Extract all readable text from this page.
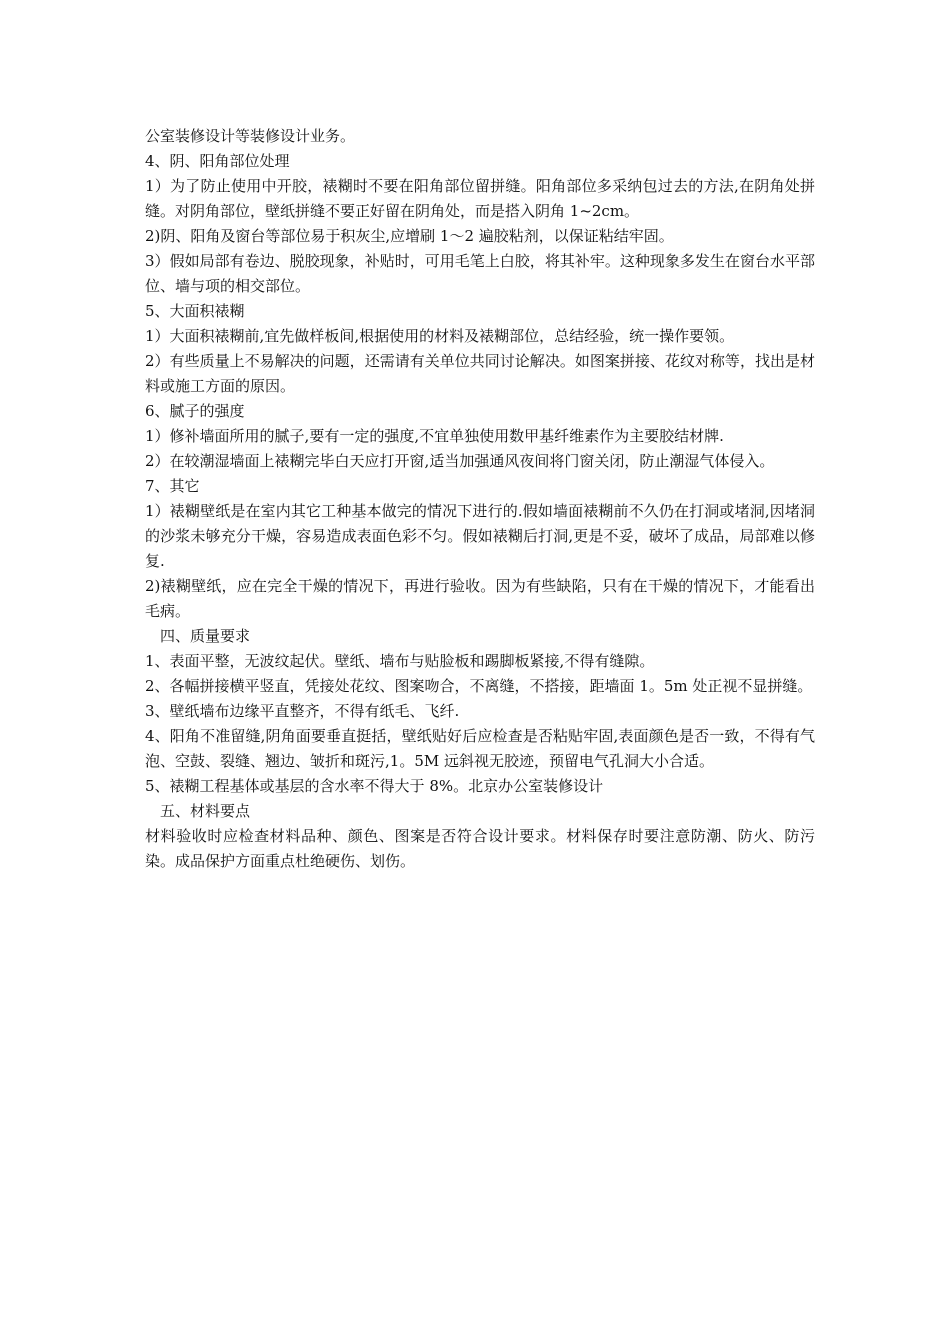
公室装修设计等装修设计业务。

4、阴、阳角部位处理

1）为了防止使用中开胶，裱糊时不要在阳角部位留拼缝。阳角部位多采纳包过去的方法,在阴角处拼缝。对阴角部位，壁纸拼缝不要正好留在阴角处，而是搭入阴角 1~2cm。

2)阴、阳角及窗台等部位易于积灰尘,应增刷 1～2 遍胶粘剂，以保证粘结牢固。

3）假如局部有卷边、脱胶现象，补贴时，可用毛笔上白胶，将其补牢。这种现象多发生在窗台水平部位、墙与项的相交部位。

5、大面积裱糊

1）大面积裱糊前,宜先做样板间,根据使用的材料及裱糊部位，总结经验，统一操作要领。

2）有些质量上不易解决的问题，还需请有关单位共同讨论解决。如图案拼接、花纹对称等，找出是材料或施工方面的原因。

6、腻子的强度

1）修补墙面所用的腻子,要有一定的强度,不宜单独使用数甲基纤维素作为主要胶结材牌.

2）在较潮湿墙面上裱糊完毕白天应打开窗,适当加强通风夜间将门窗关闭，防止潮湿气体侵入。

7、其它

1）裱糊壁纸是在室内其它工种基本做完的情况下进行的.假如墙面裱糊前不久仍在打洞或堵洞,因堵洞的沙浆未够充分干燥，容易造成表面色彩不匀。假如裱糊后打洞,更是不妥，破坏了成品，局部难以修复.

2)裱糊壁纸，应在完全干燥的情况下，再进行验收。因为有些缺陷，只有在干燥的情况下，才能看出毛病。

四、质量要求

1、表面平整，无波纹起伏。壁纸、墙布与贴脸板和踢脚板紧接,不得有缝隙。

2、各幅拼接横平竖直，凭接处花纹、图案吻合，不离缝，不搭接，距墙面 1。5m 处正视不显拼缝。

3、壁纸墙布边缘平直整齐，不得有纸毛、飞纤.

4、阳角不准留缝,阴角面要垂直挺括，壁纸贴好后应检查是否粘贴牢固,表面颜色是否一致，不得有气泡、空鼓、裂缝、翘边、皱折和斑污,1。5M 远斜视无胶迹，预留电气孔洞大小合适。

5、裱糊工程基体或基层的含水率不得大于 8%。北京办公室装修设计

五、材料要点

材料验收时应检查材料品种、颜色、图案是否符合设计要求。材料保存时要注意防潮、防火、防污染。成品保护方面重点杜绝硬伤、划伤。
